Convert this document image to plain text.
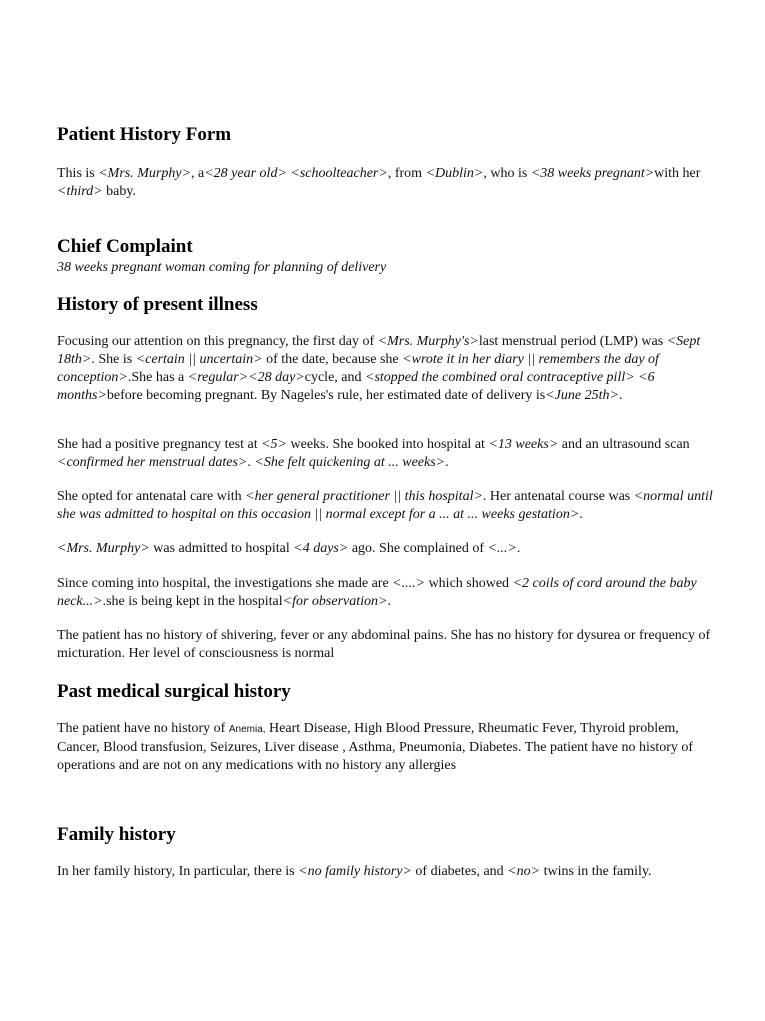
Patient History Form

This is <Mrs. Murphy>, a<28 year old> <schoolteacher>, from <Dublin>, who is <38 weeks pregnant>with her <third> baby.

Chief Complaint

38 weeks pregnant woman coming for planning of delivery

History of present illness

Focusing our attention on this pregnancy, the first day of <Mrs. Murphy's>last menstrual period (LMP) was <Sept 18th>. She is <certain || uncertain> of the date, because she <wrote it in her diary || remembers the day of conception>.She has a <regular><28 day>cycle, and <stopped the combined oral contraceptive pill> <6 months>before becoming pregnant. By Nageles's rule, her estimated date of delivery is<June 25th>.

She had a positive pregnancy test at <5> weeks. She booked into hospital at <13 weeks> and an ultrasound scan <confirmed her menstrual dates>. <She felt quickening at ... weeks>.

She opted for antenatal care with <her general practitioner || this hospital>. Her antenatal course was <normal until she was admitted to hospital on this occasion || normal except for a ... at ... weeks gestation>.

<Mrs. Murphy> was admitted to hospital <4 days> ago. She complained of <...>.

Since coming into hospital, the investigations she made are <....> which showed <2 coils of cord around the baby neck...>.she is being kept in the hospital<for observation>.

The patient has no history of shivering, fever or any abdominal pains. She has no history for dysurea or frequency of micturation. Her level of consciousness is normal

Past medical surgical history

The patient have no history of Anemia, Heart Disease, High Blood Pressure, Rheumatic Fever, Thyroid problem, Cancer, Blood transfusion, Seizures, Liver disease , Asthma, Pneumonia, Diabetes. The patient have no history of operations and are not on any medications with no history any allergies

Family history

In her family history, In particular, there is <no family history> of diabetes, and <no> twins in the family.
